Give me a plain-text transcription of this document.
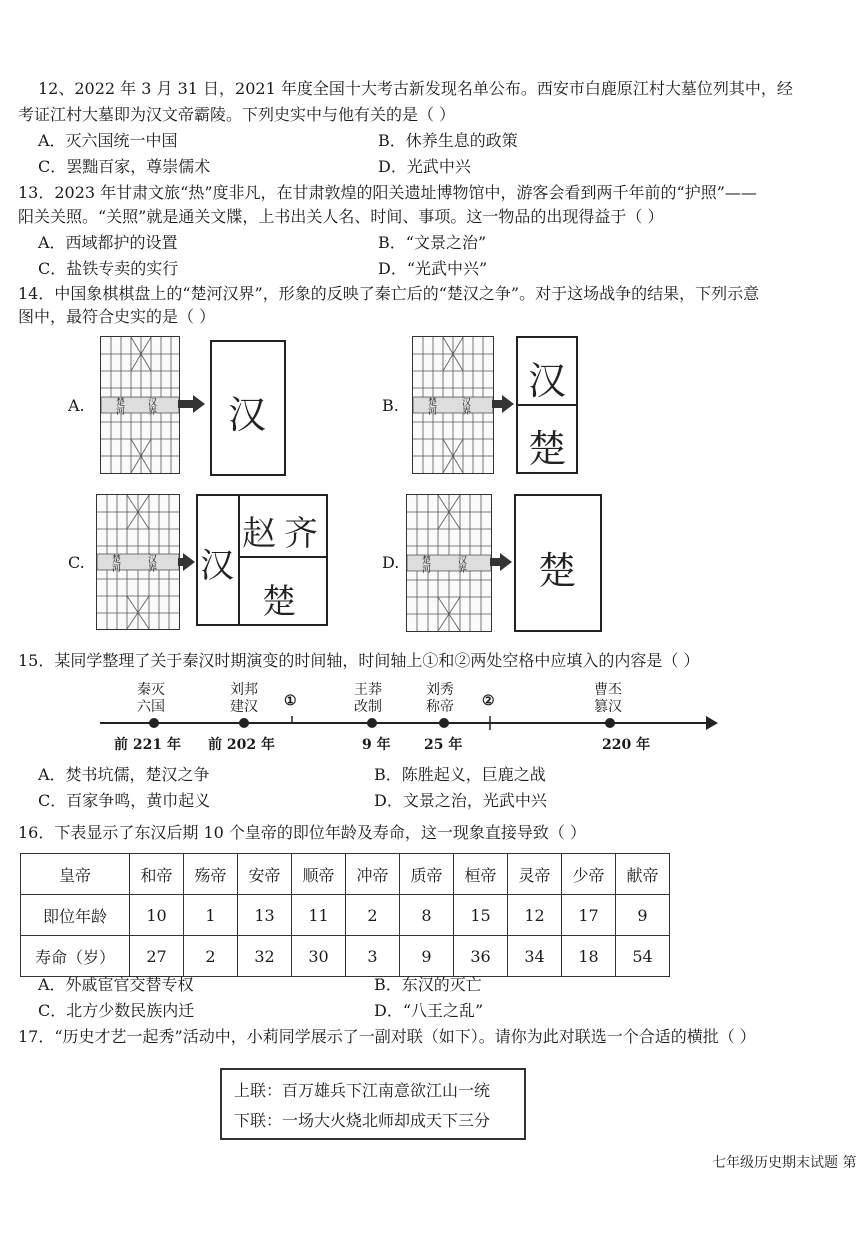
12、2022 年 3 月 31 日，2021 年度全国十大考古新发现名单公布。西安市白鹿原江村大墓位列其中，经
考证江村大墓即为汉文帝霸陵。下列史实中与他有关的是（ ）
A．灭六国统一中国	B．休养生息的政策
C．罢黜百家，尊崇儒术	D．光武中兴
13．2023 年甘肃文旅“热”度非凡，在甘肃敦煌的阳关遗址博物馆中，游客会看到两千年前的“护照”——
阳关关照。“关照”就是通关文牒，上书出关人名、时间、事项。这一物品的出现得益于（ ）
A．西域都护的设置	B．“文景之治”
C．盐铁专卖的实行	D．“光武中兴”
14．中国象棋棋盘上的“楚河汉界”，形象的反映了秦亡后的“楚汉之争”。对于这场战争的结果，下列示意
图中，最符合史实的是（ ）
A.	楚河 汉界 汉	B.	楚河	汉界
汉
楚
C.	楚河	汉界 汉
赵 齐
楚
D. 楚河	汉界 楚
15．某同学整理了关于秦汉时期演变的时间轴，时间轴上①和②两处空格中应填入的内容是（ ）
秦灭
六国
前 221 年
刘邦
建汉
前 202 年
①
王莽
改制
9 年
刘秀
称帝
25 年
②
曹丕
篡汉
220 年
A．焚书坑儒，楚汉之争	B．陈胜起义，巨鹿之战
C．百家争鸣，黄巾起义	D．文景之治，光武中兴
16．下表显示了东汉后期 10 个皇帝的即位年龄及寿命，这一现象直接导致（ ）
皇帝	和帝	殇帝	安帝	顺帝	冲帝	质帝	桓帝	灵帝	少帝	献帝
即位年龄	10	1	13	11	2	8	15	12	17	9
寿命（岁）	27	2	32	30	3	9	36	34	18	54
A．外戚宦官交替专权	B．东汉的灭亡
C．北方少数民族内迁	D．“八王之乱”
17．“历史才艺一起秀”活动中，小莉同学展示了一副对联（如下）。请你为此对联选一个合适的横批（ ）
上联：百万雄兵下江南意欲江山一统
下联：一场大火烧北师却成天下三分
七年级历史期末试题 第
